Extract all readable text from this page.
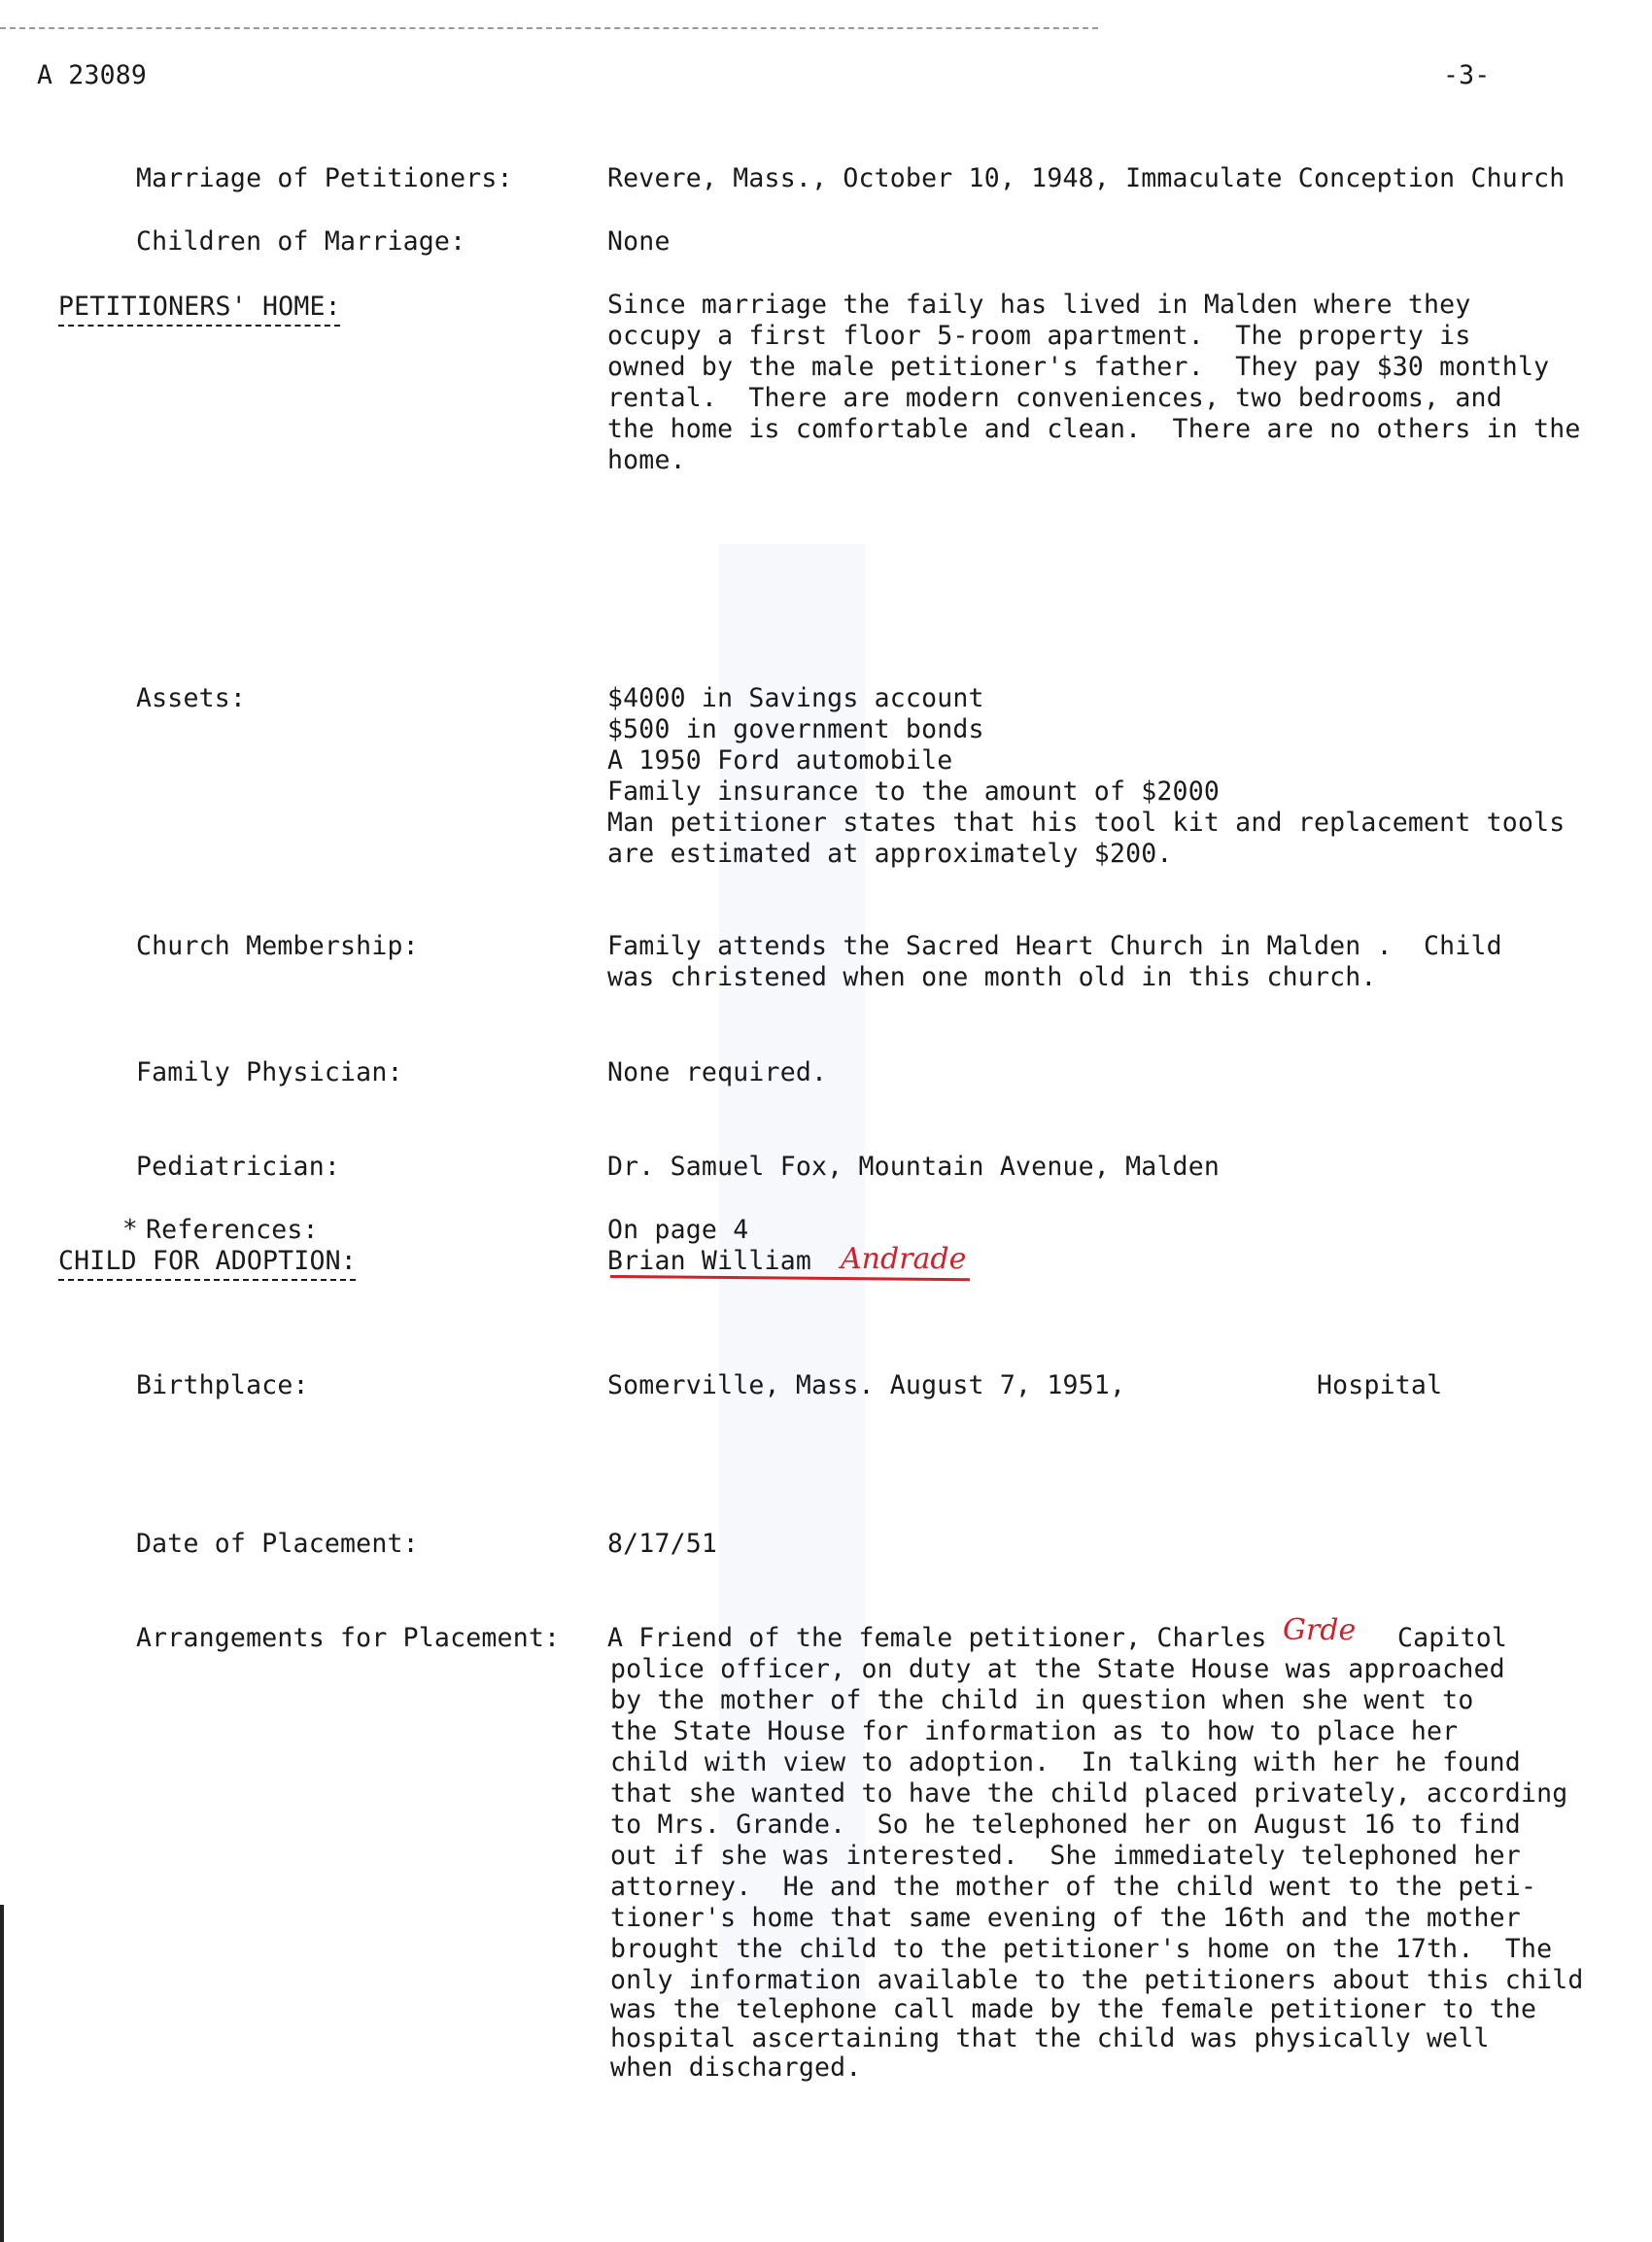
A 23089	-3-
Marriage of Petitioners:	Revere, Mass., October 10, 1948, Immaculate Conception Church
Children of Marriage:	None
PETITIONERS' HOME:	Since marriage the faily has lived in Malden where they
occupy a first floor 5-room apartment.  The property is
owned by the male petitioner's father.  They pay $30 monthly
rental.  There are modern conveniences, two bedrooms, and
the home is comfortable and clean.  There are no others in the
home.
Assets:	$4000 in Savings account
$500 in government bonds
A 1950 Ford automobile
Family insurance to the amount of $2000
Man petitioner states that his tool kit and replacement tools
are estimated at approximately $200.
Church Membership:	Family attends the Sacred Heart Church in Malden .  Child
was christened when one month old in this church.
Family Physician:	None required.
Pediatrician:	Dr. Samuel Fox, Mountain Avenue, Malden
* References:	On page 4
CHILD FOR ADOPTION:	Brian William Andrade
Birthplace:	Somerville, Mass. August 7, 1951,	Hospital
Date of Placement:	8/17/51
Arrangements for Placement: A Friend of the female petitioner, Charles Grde Capitol
police officer, on duty at the State House was approached
by the mother of the child in question when she went to
the State House for information as to how to place her
child with view to adoption.  In talking with her he found
that she wanted to have the child placed privately, according
to Mrs. Grande.  So he telephoned her on August 16 to find
out if she was interested.  She immediately telephoned her
attorney.  He and the mother of the child went to the peti-
tioner's home that same evening of the 16th and the mother
brought the child to the petitioner's home on the 17th.  The
only information available to the petitioners about this child
was the telephone call made by the female petitioner to the
hospital ascertaining that the child was physically well
when discharged.
